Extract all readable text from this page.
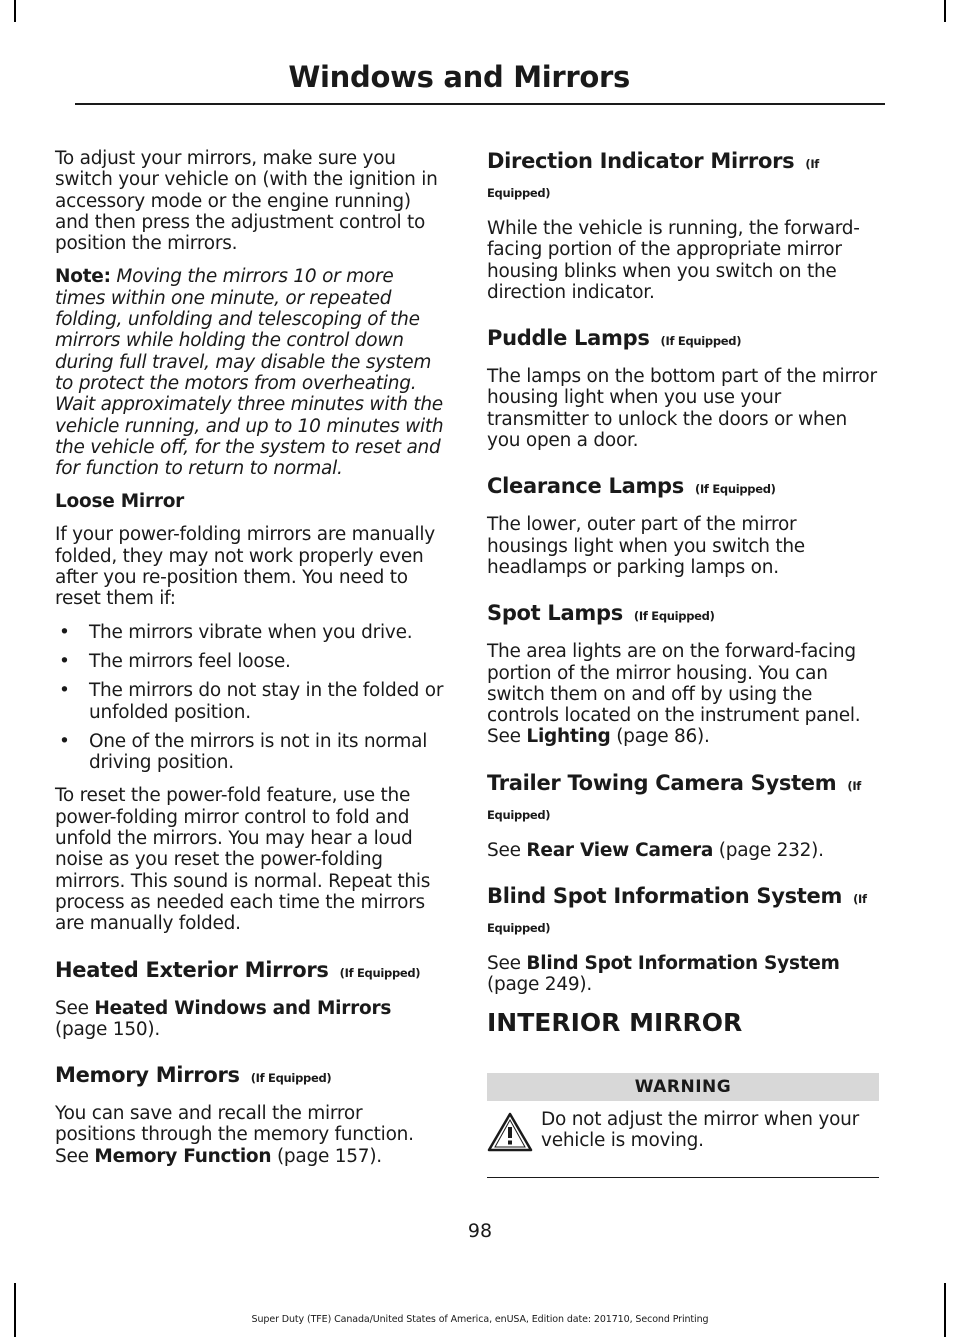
Windows and Mirrors

To adjust your mirrors, make sure you switch your vehicle on (with the ignition in accessory mode or the engine running) and then press the adjustment control to position the mirrors.

Note: Moving the mirrors 10 or more times within one minute, or repeated folding, unfolding and telescoping of the mirrors while holding the control down during full travel, may disable the system to protect the motors from overheating. Wait approximately three minutes with the vehicle running, and up to 10 minutes with the vehicle off, for the system to reset and for function to return to normal.

Loose Mirror

If your power-folding mirrors are manually folded, they may not work properly even after you re-position them. You need to reset them if:

• The mirrors vibrate when you drive.
• The mirrors feel loose.
• The mirrors do not stay in the folded or unfolded position.
• One of the mirrors is not in its normal driving position.

To reset the power-fold feature, use the power-folding mirror control to fold and unfold the mirrors. You may hear a loud noise as you reset the power-folding mirrors. This sound is normal. Repeat this process as needed each time the mirrors are manually folded.

Heated Exterior Mirrors (If Equipped)

See Heated Windows and Mirrors (page 150).

Memory Mirrors (If Equipped)

You can save and recall the mirror positions through the memory function. See Memory Function (page 157).

Direction Indicator Mirrors (If Equipped)

While the vehicle is running, the forward-facing portion of the appropriate mirror housing blinks when you switch on the direction indicator.

Puddle Lamps (If Equipped)

The lamps on the bottom part of the mirror housing light when you use your transmitter to unlock the doors or when you open a door.

Clearance Lamps (If Equipped)

The lower, outer part of the mirror housings light when you switch the headlamps or parking lamps on.

Spot Lamps (If Equipped)

The area lights are on the forward-facing portion of the mirror housing. You can switch them on and off by using the controls located on the instrument panel. See Lighting (page 86).

Trailer Towing Camera System (If Equipped)

See Rear View Camera (page 232).

Blind Spot Information System (If Equipped)

See Blind Spot Information System (page 249).

INTERIOR MIRROR
WARNING

Do not adjust the mirror when your vehicle is moving.

98
Super Duty (TFE) Canada/United States of America, enUSA, Edition date: 201710, Second Printing
